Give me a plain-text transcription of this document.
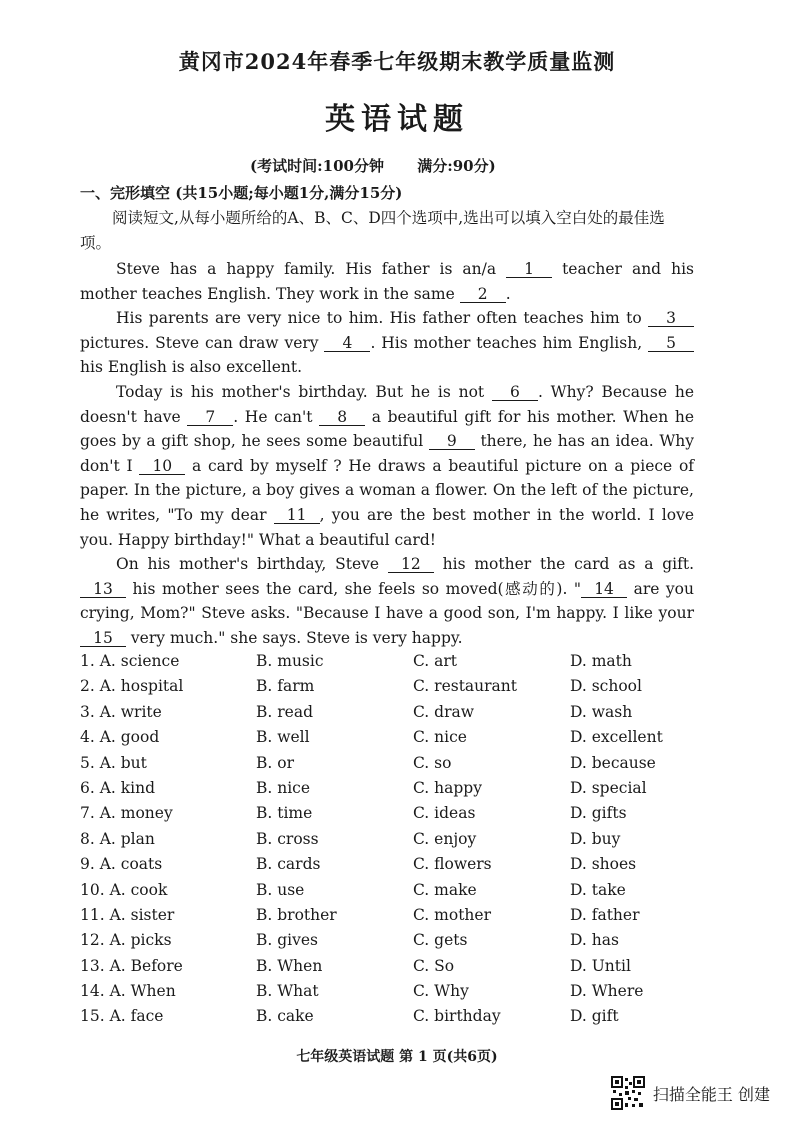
黄冈市2024年春季七年级期末教学质量监测
英语试题
(考试时间:100分钟 满分:90分)
一、完形填空 (共15小题;每小题1分,满分15分)
阅读短文,从每小题所给的A、B、C、D四个选项中,选出可以填入空白处的最佳选项。

Steve has a happy family. His father is an/a 1 teacher and his mother teaches English. They work in the same 2 .

His parents are very nice to him. His father often teaches him to 3 pictures. Steve can draw very 4 . His mother teaches him English, 5 his English is also excellent.

Today is his mother's birthday. But he is not 6 . Why? Because he doesn't have 7 . He can't 8 a beautiful gift for his mother. When he goes by a gift shop, he sees some beautiful 9 there, he has an idea. Why don't I 10 a card by myself ? He draws a beautiful picture on a piece of paper. In the picture, a boy gives a woman a flower. On the left of the picture, he writes, "To my dear 11 , you are the best mother in the world. I love you. Happy birthday!" What a beautiful card!

On his mother's birthday, Steve 12 his mother the card as a gift. 13 his mother sees the card, she feels so moved(感动的). " 14 are you crying, Mom?" Steve asks. "Because I have a good son, I'm happy. I like your 15 very much." she says. Steve is very happy.

1. A. science	B. music	C. art	D. math
2. A. hospital	B. farm	C. restaurant	D. school
3. A. write	B. read	C. draw	D. wash
4. A. good	B. well	C. nice	D. excellent
5. A. but	B. or	C. so	D. because
6. A. kind	B. nice	C. happy	D. special
7. A. money	B. time	C. ideas	D. gifts
8. A. plan	B. cross	C. enjoy	D. buy
9. A. coats	B. cards	C. flowers	D. shoes
10. A. cook	B. use	C. make	D. take
11. A. sister	B. brother	C. mother	D. father
12. A. picks	B. gives	C. gets	D. has
13. A. Before	B. When	C. So	D. Until
14. A. When	B. What	C. Why	D. Where
15. A. face	B. cake	C. birthday	D. gift
七年级英语试题 第 1 页(共6页)
扫描全能王 创建
